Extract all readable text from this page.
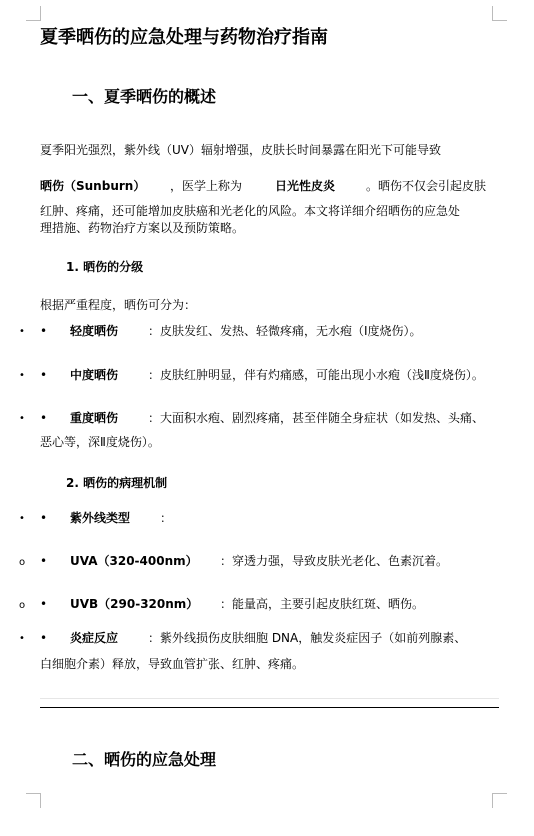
夏季晒伤的应急处理与药物治疗指南
一、夏季晒伤的概述
夏季阳光强烈，紫外线（UV）辐射增强，皮肤长时间暴露在阳光下可能导致
晒伤（Sunburn） ，医学上称为	日光性皮炎	。晒伤不仅会引起皮肤
红肿、疼痛，还可能增加皮肤癌和光老化的风险。本文将详细介绍晒伤的应急处
理措施、药物治疗方案以及预防策略。
1. 晒伤的分级
根据严重程度，晒伤可分为：
• • 轻度晒伤 ：皮肤发红、发热、轻微疼痛，无水疱（Ⅰ度烧伤）。
• • 中度晒伤 ：皮肤红肿明显，伴有灼痛感，可能出现小水疱（浅Ⅱ度烧伤）。
• • 重度晒伤 ：大面积水疱、剧烈疼痛，甚至伴随全身症状（如发热、头痛、
恶心等，深Ⅱ度烧伤）。
2. 晒伤的病理机制
• • 紫外线类型 ：
o • UVA（320-400nm） ：穿透力强，导致皮肤光老化、色素沉着。
o • UVB（290-320nm） ：能量高，主要引起皮肤红斑、晒伤。
• • 炎症反应 ：紫外线损伤皮肤细胞 DNA，触发炎症因子（如前列腺素、
白细胞介素）释放，导致血管扩张、红肿、疼痛。
二、晒伤的应急处理
